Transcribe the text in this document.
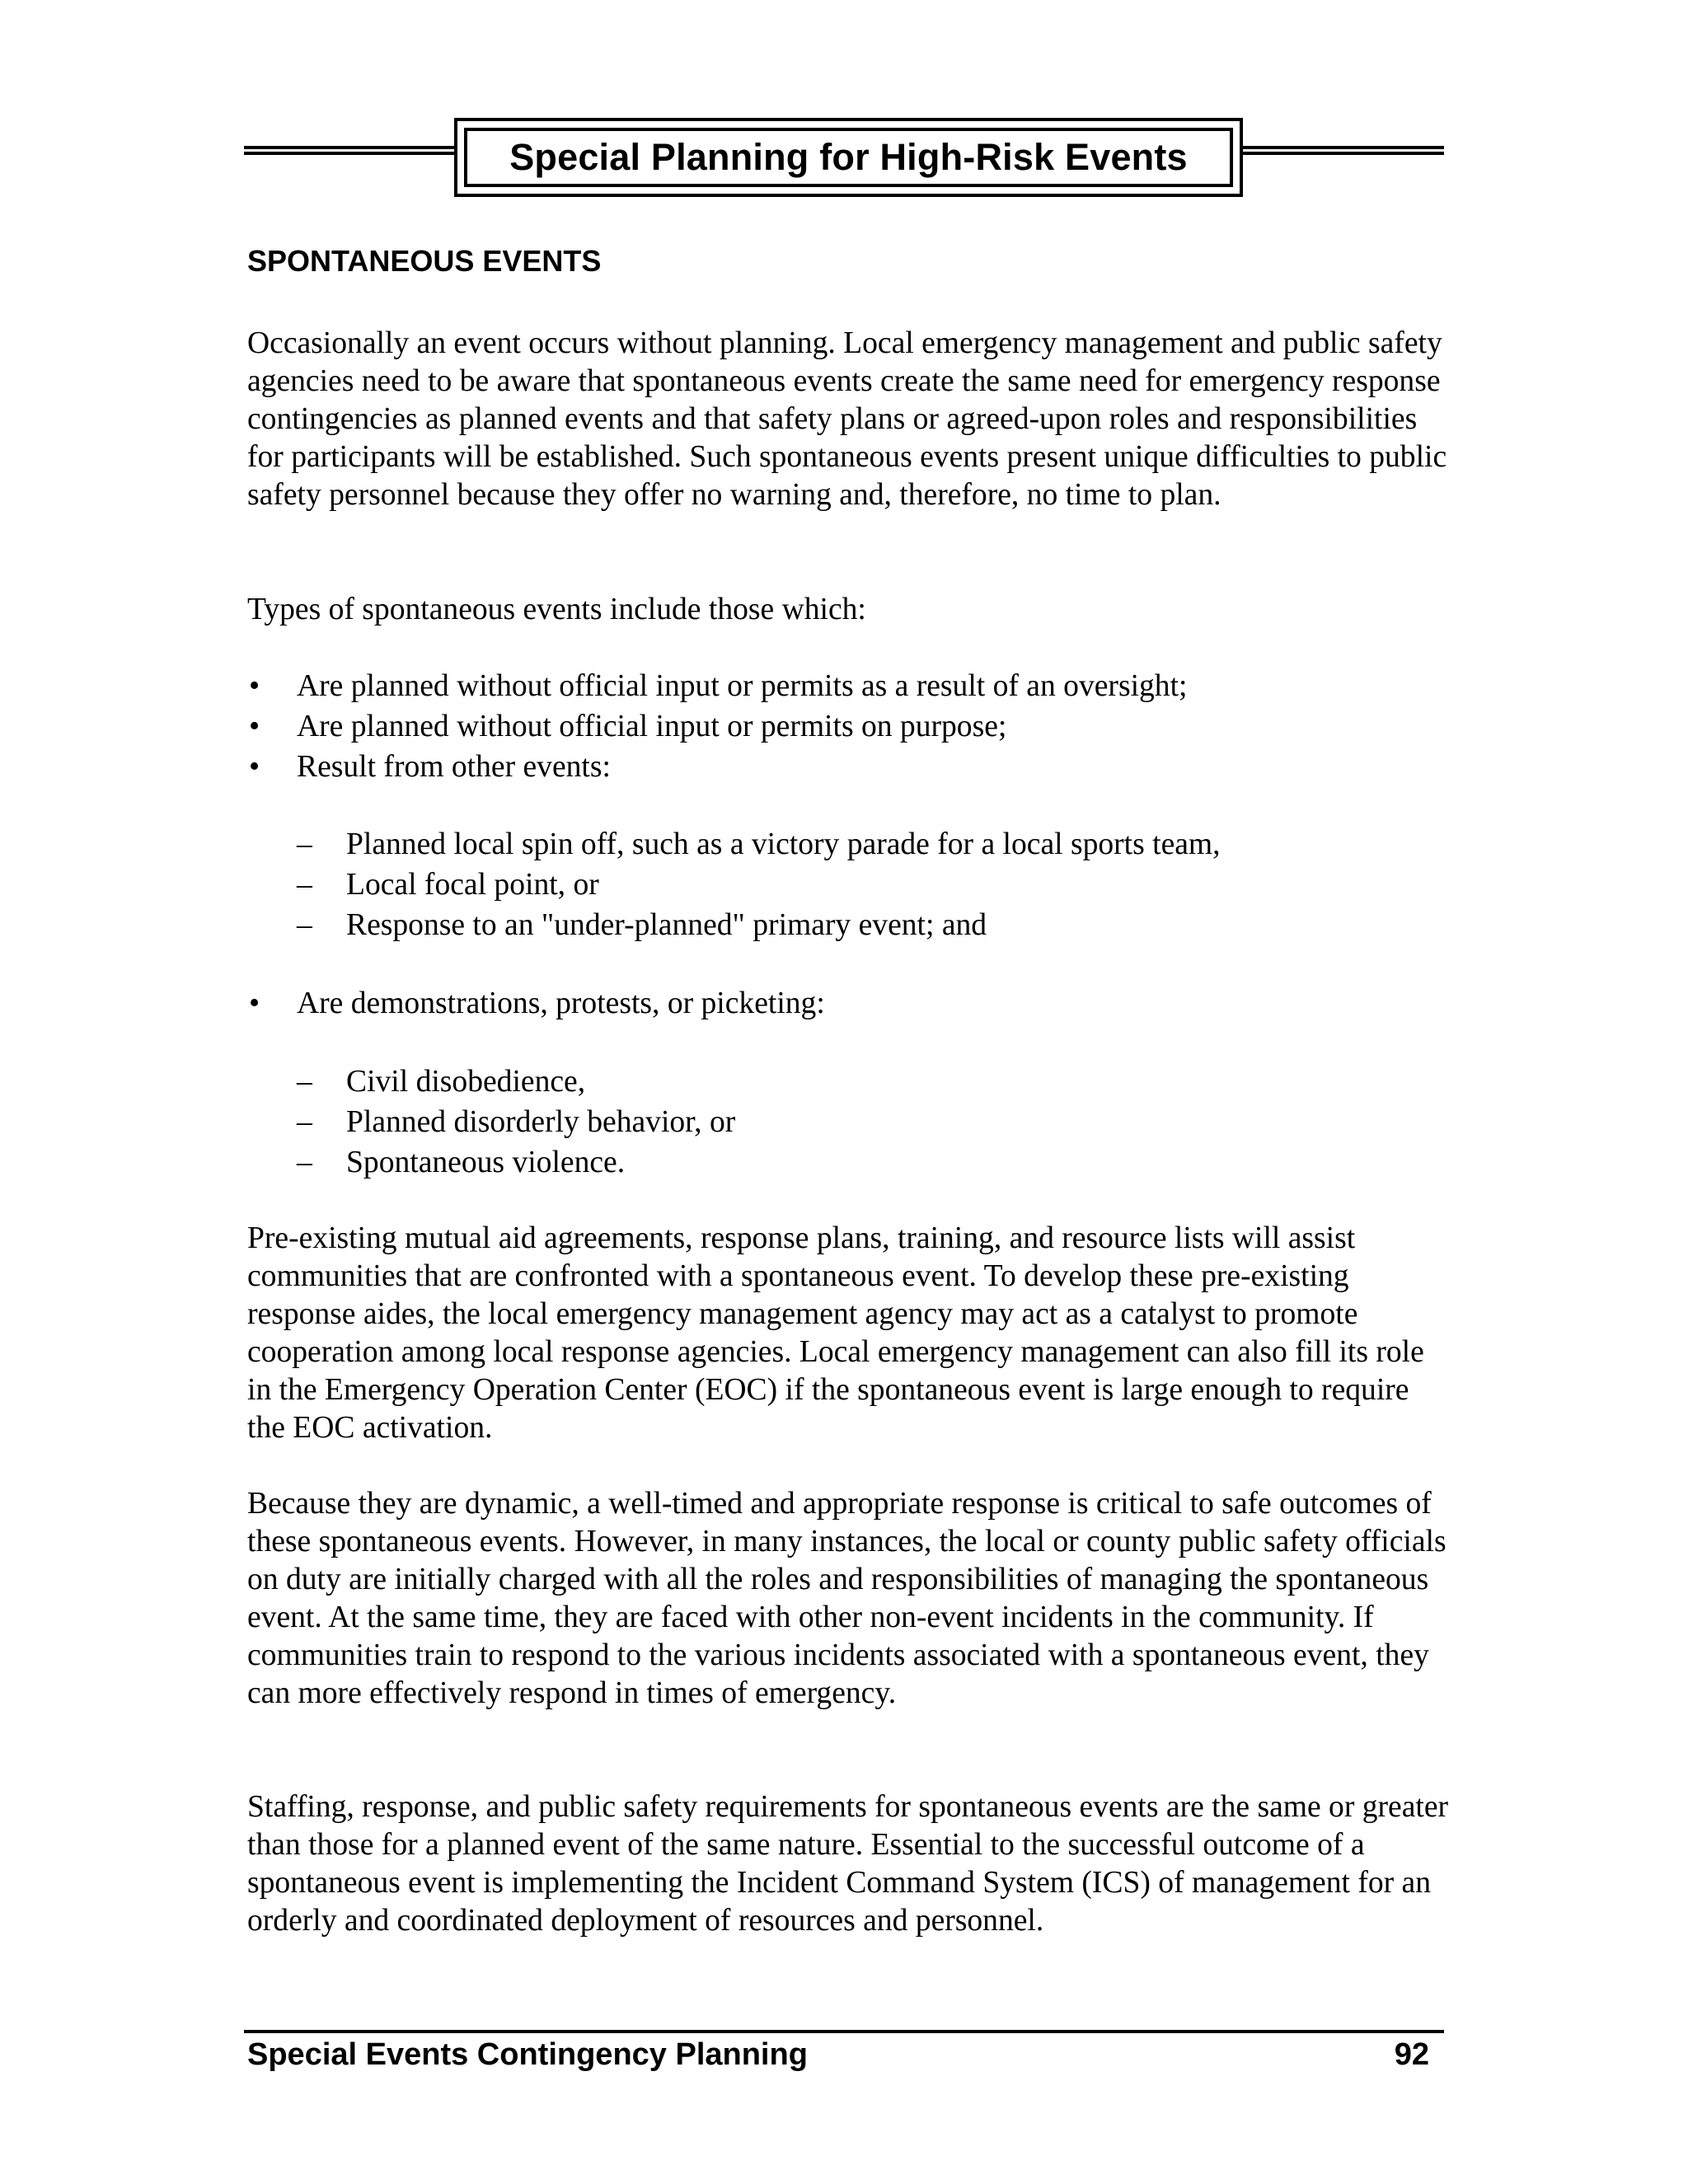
Special Planning for High-Risk Events
SPONTANEOUS EVENTS

Occasionally an event occurs without planning. Local emergency management and public safety agencies need to be aware that spontaneous events create the same need for emergency response contingencies as planned events and that safety plans or agreed-upon roles and responsibilities for participants will be established. Such spontaneous events present unique difficulties to public safety personnel because they offer no warning and, therefore, no time to plan.

Types of spontaneous events include those which:

• Are planned without official input or permits as a result of an oversight;
• Are planned without official input or permits on purpose;
• Result from other events:
– Planned local spin off, such as a victory parade for a local sports team,
– Local focal point, or
– Response to an "under-planned" primary event; and
• Are demonstrations, protests, or picketing:
– Civil disobedience,
– Planned disorderly behavior, or
– Spontaneous violence.

Pre-existing mutual aid agreements, response plans, training, and resource lists will assist communities that are confronted with a spontaneous event. To develop these pre-existing response aides, the local emergency management agency may act as a catalyst to promote cooperation among local response agencies. Local emergency management can also fill its role in the Emergency Operation Center (EOC) if the spontaneous event is large enough to require the EOC activation.

Because they are dynamic, a well-timed and appropriate response is critical to safe outcomes of these spontaneous events. However, in many instances, the local or county public safety officials on duty are initially charged with all the roles and responsibilities of managing the spontaneous event. At the same time, they are faced with other non-event incidents in the community. If communities train to respond to the various incidents associated with a spontaneous event, they can more effectively respond in times of emergency.

Staffing, response, and public safety requirements for spontaneous events are the same or greater than those for a planned event of the same nature. Essential to the successful outcome of a spontaneous event is implementing the Incident Command System (ICS) of management for an orderly and coordinated deployment of resources and personnel.

Special Events Contingency Planning	92
